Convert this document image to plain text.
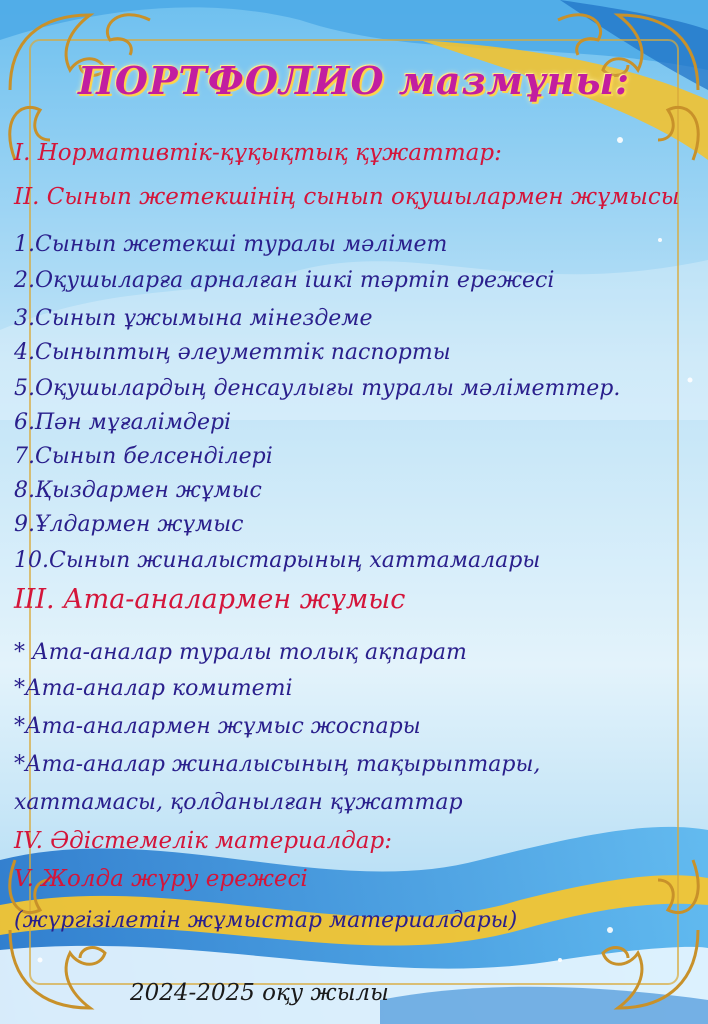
ПОРТФОЛИО мазмұны:
I. Нормативтік-құқықтық құжаттар:
II. Сынып жетекшінің сынып оқушылармен жұмысы
1.Сынып жетекші туралы мәлімет
2.Оқушыларға арналған ішкі тәртіп ережесі
3.Сынып ұжымына мінездеме
4.Сыныптың әлеуметтік паспорты
5.Оқушылардың денсаулығы туралы мәліметтер.
6.Пән мұғалімдері
7.Сынып белсенділері
8.Қыздармен жұмыс
9.Ұлдармен жұмыс
10.Сынып жиналыстарының хаттамалары
III. Ата-аналармен жұмыс
* Ата-аналар туралы толық ақпарат
*Ата-аналар комитеті
*Ата-аналармен жұмыс жоспары
*Ата-аналар жиналысының тақырыптары,
хаттамасы, қолданылған құжаттар
IV. Әдістемелік материалдар:
V. Жолда жүру ережесі
(жүргізілетін жұмыстар материалдары)
2024-2025 оқу жылы
